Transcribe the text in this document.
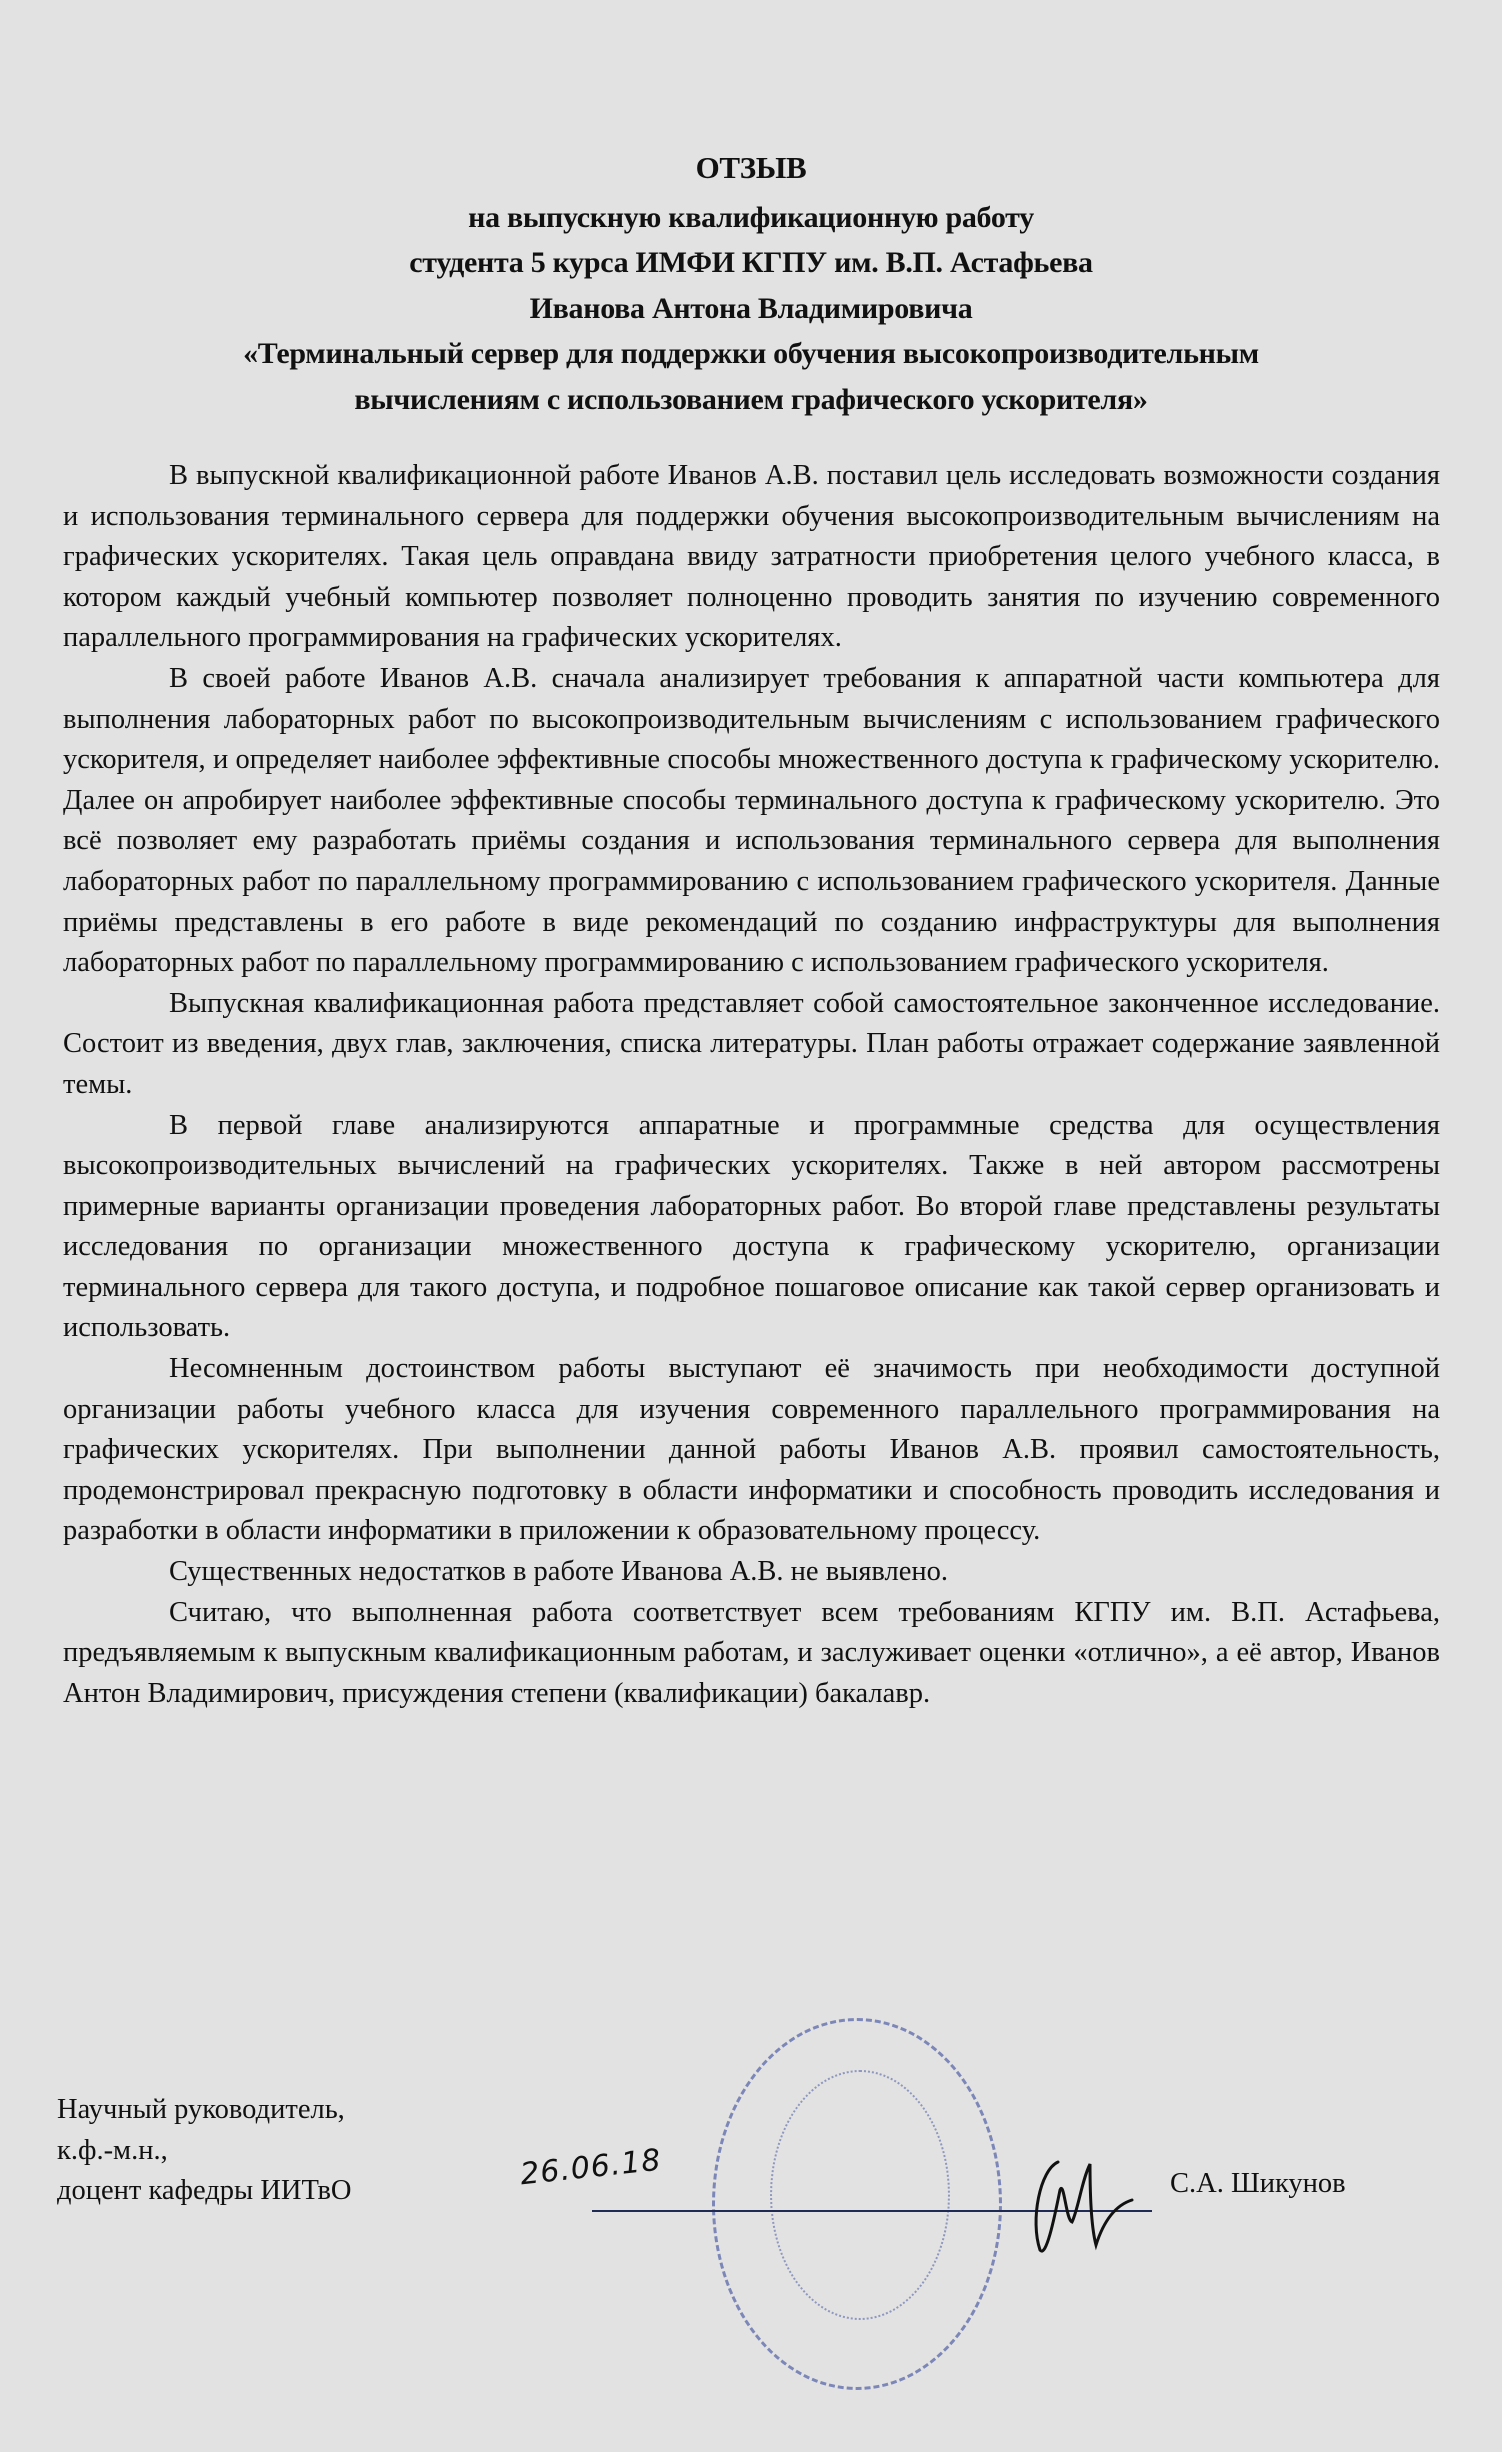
ОТЗЫВ
на выпускную квалификационную работу
студента 5 курса ИМФИ КГПУ им. В.П. Астафьева
Иванова Антона Владимировича
«Терминальный сервер для поддержки обучения высокопроизводительным
вычислениям с использованием графического ускорителя»

В выпускной квалификационной работе Иванов А.В. поставил цель исследовать возможности создания и использования терминального сервера для поддержки обучения высокопроизводительным вычислениям на графических ускорителях. Такая цель оправдана ввиду затратности приобретения целого учебного класса, в котором каждый учебный компьютер позволяет полноценно проводить занятия по изучению современного параллельного программирования на графических ускорителях.

В своей работе Иванов А.В. сначала анализирует требования к аппаратной части компьютера для выполнения лабораторных работ по высокопроизводительным вычислениям с использованием графического ускорителя, и определяет наиболее эффективные способы множественного доступа к графическому ускорителю. Далее он апробирует наиболее эффективные способы терминального доступа к графическому ускорителю. Это всё позволяет ему разработать приёмы создания и использования терминального сервера для выполнения лабораторных работ по параллельному программированию с использованием графического ускорителя. Данные приёмы представлены в его работе в виде рекомендаций по созданию инфраструктуры для выполнения лабораторных работ по параллельному программированию с использованием графического ускорителя.

Выпускная квалификационная работа представляет собой самостоятельное законченное исследование. Состоит из введения, двух глав, заключения, списка литературы. План работы отражает содержание заявленной темы.

В первой главе анализируются аппаратные и программные средства для осуществления высокопроизводительных вычислений на графических ускорителях. Также в ней автором рассмотрены примерные варианты организации проведения лабораторных работ. Во второй главе представлены результаты исследования по организации множественного доступа к графическому ускорителю, организации терминального сервера для такого доступа, и подробное пошаговое описание как такой сервер организовать и использовать.

Несомненным достоинством работы выступают её значимость при необходимости доступной организации работы учебного класса для изучения современного параллельного программирования на графических ускорителях. При выполнении данной работы Иванов А.В. проявил самостоятельность, продемонстрировал прекрасную подготовку в области информатики и способность проводить исследования и разработки в области информатики в приложении к образовательному процессу.

Существенных недостатков в работе Иванова А.В. не выявлено.

Считаю, что выполненная работа соответствует всем требованиям КГПУ им. В.П. Астафьева, предъявляемым к выпускным квалификационным работам, и заслуживает оценки «отлично», а её автор, Иванов Антон Владимирович, присуждения степени (квалификации) бакалавр.

Научный руководитель,
к.ф.-м.н.,
доцент кафедры ИИТвО	26.06.18	С.А. Шикунов
